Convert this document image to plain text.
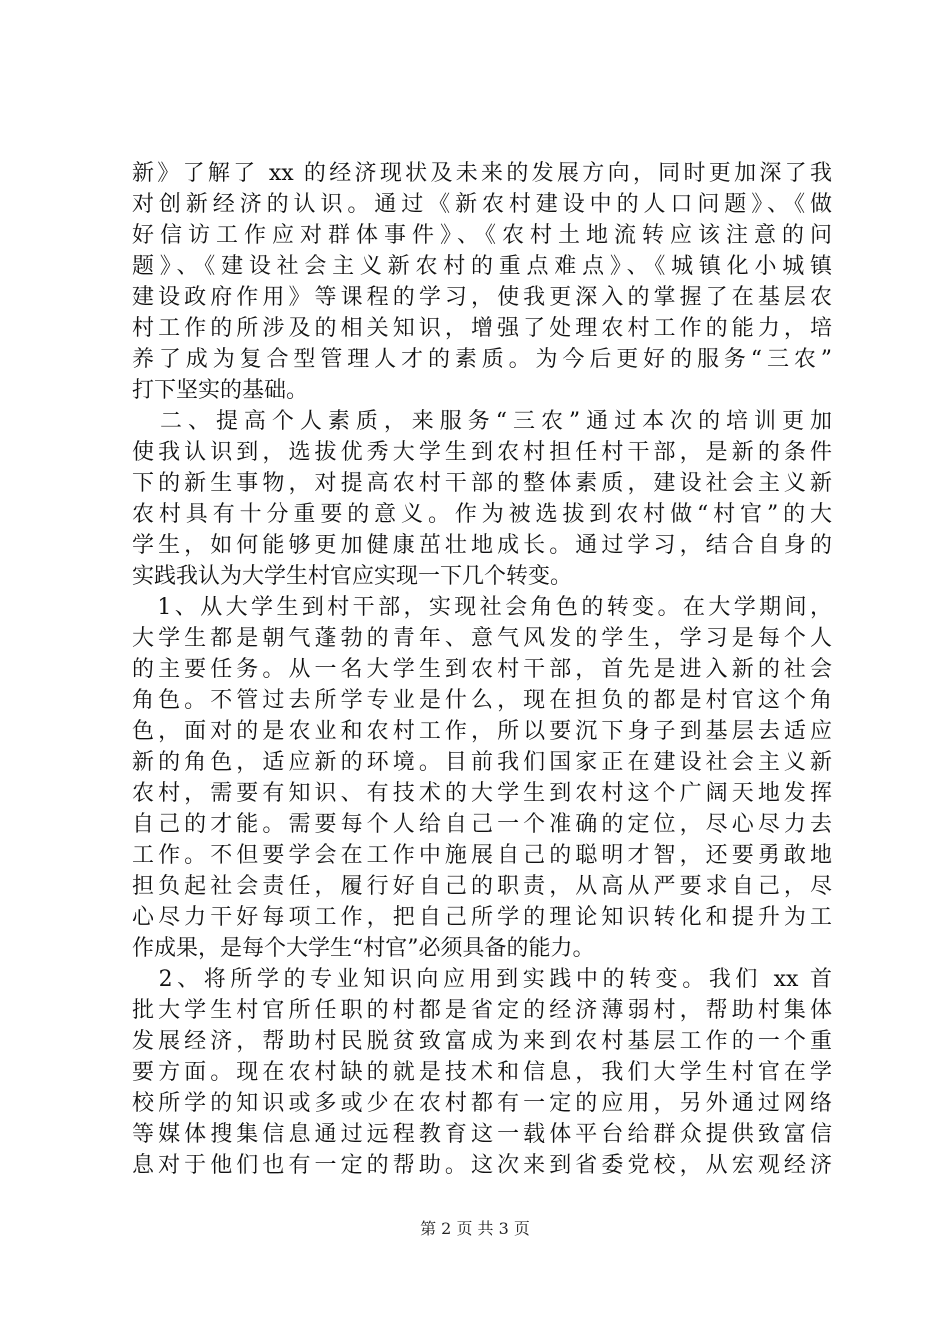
新》了解了 xx 的经济现状及未来的发展方向，同时更加深了我
对创新经济的认识。通过《新农村建设中的人口问题》、《做
好信访工作应对群体事件》、《农村土地流转应该注意的问
题》、《建设社会主义新农村的重点难点》、《城镇化小城镇
建设政府作用》等课程的学习，使我更深入的掌握了在基层农
村工作的所涉及的相关知识，增强了处理农村工作的能力，培
养了成为复合型管理人才的素质。为今后更好的服务“三农”
打下坚实的基础。
　二、提高个人素质，来服务“三农”通过本次的培训更加
使我认识到，选拔优秀大学生到农村担任村干部，是新的条件
下的新生事物，对提高农村干部的整体素质，建设社会主义新
农村具有十分重要的意义。作为被选拔到农村做“村官”的大
学生，如何能够更加健康茁壮地成长。通过学习，结合自身的
实践我认为大学生村官应实现一下几个转变。
　1、从大学生到村干部，实现社会角色的转变。在大学期间，
大学生都是朝气蓬勃的青年、意气风发的学生，学习是每个人
的主要任务。从一名大学生到农村干部，首先是进入新的社会
角色。不管过去所学专业是什么，现在担负的都是村官这个角
色，面对的是农业和农村工作，所以要沉下身子到基层去适应
新的角色，适应新的环境。目前我们国家正在建设社会主义新
农村，需要有知识、有技术的大学生到农村这个广阔天地发挥
自己的才能。需要每个人给自己一个准确的定位，尽心尽力去
工作。不但要学会在工作中施展自己的聪明才智，还要勇敢地
担负起社会责任，履行好自己的职责，从高从严要求自己，尽
心尽力干好每项工作，把自己所学的理论知识转化和提升为工
作成果，是每个大学生“村官”必须具备的能力。
　2、将所学的专业知识向应用到实践中的转变。我们 xx 首
批大学生村官所任职的村都是省定的经济薄弱村，帮助村集体
发展经济，帮助村民脱贫致富成为来到农村基层工作的一个重
要方面。现在农村缺的就是技术和信息，我们大学生村官在学
校所学的知识或多或少在农村都有一定的应用，另外通过网络
等媒体搜集信息通过远程教育这一载体平台给群众提供致富信
息对于他们也有一定的帮助。这次来到省委党校，从宏观经济
第 2 页 共 3 页
